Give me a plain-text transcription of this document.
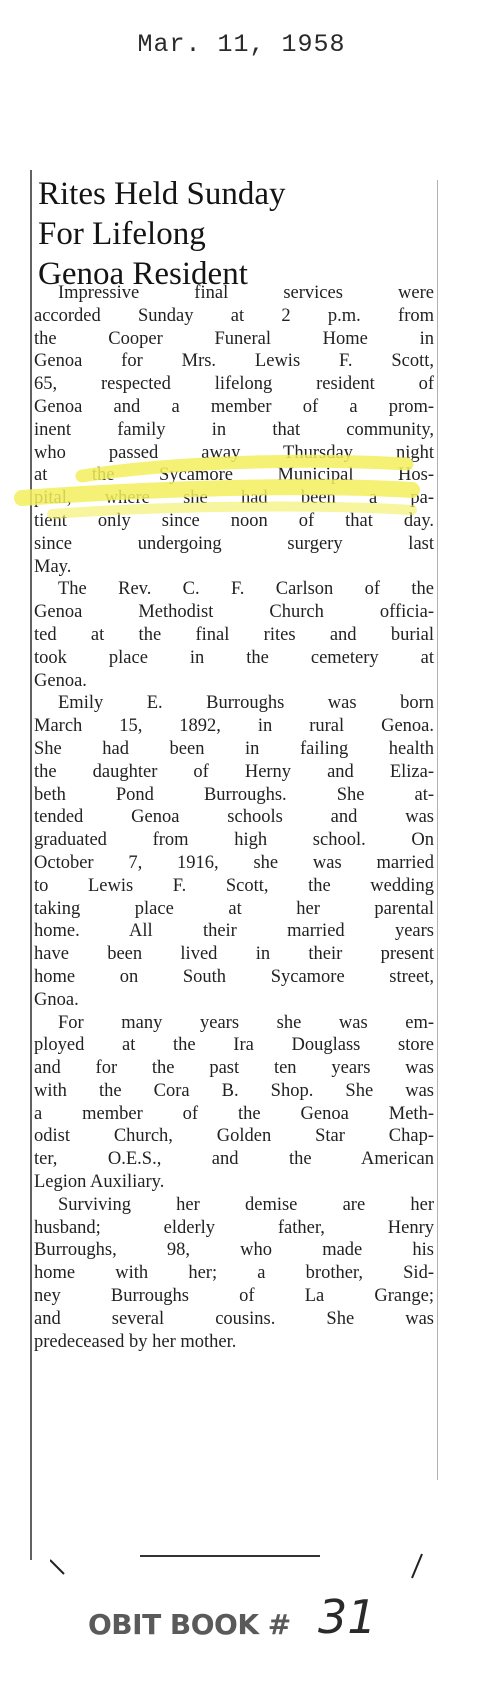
Mar. 11, 1958
Rites Held Sunday
For Lifelong
Genoa Resident
Impressive final services were
accorded Sunday at 2 p.m. from
the Cooper Funeral Home in
Genoa for Mrs. Lewis F. Scott,
65, respected lifelong resident of
Genoa and a member of a prom-
inent family in that community,
who passed away Thursday night
at the Sycamore Municipal Hos-
pital, where she had been a pa-
tient only since noon of that day.
since undergoing surgery last
May.
The Rev. C. F. Carlson of the
Genoa Methodist Church officia-
ted at the final rites and burial
took place in the cemetery at
Genoa.
Emily E. Burroughs was born
March 15, 1892, in rural Genoa.
She had been in failing health
the daughter of Herny and Eliza-
beth Pond Burroughs. She at-
tended Genoa schools and was
graduated from high school. On
October 7, 1916, she was married
to Lewis F. Scott, the wedding
taking place at her parental
home. All their married years
have been lived in their present
home on South Sycamore street,
Gnoa.
For many years she was em-
ployed at the Ira Douglass store
and for the past ten years was
with the Cora B. Shop. She was
a member of the Genoa Meth-
odist Church, Golden Star Chap-
ter, O.E.S., and the American
Legion Auxiliary.
Surviving her demise are her
husband; elderly father, Henry
Burroughs, 98, who made his
home with her; a brother, Sid-
ney Burroughs of La Grange;
and several cousins. She was
predeceased by her mother.
OBIT BOOK # 31
